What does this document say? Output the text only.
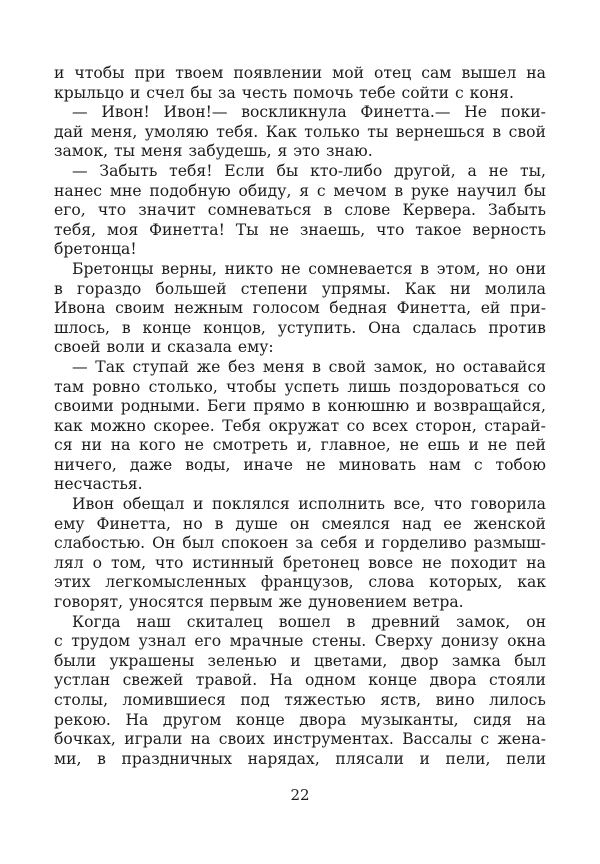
и чтобы при твоем появлении мой отец сам вышел на
крыльцо и счел бы за честь помочь тебе сойти с коня.
— Ивон! Ивон!— воскликнула Финетта.— Не поки-
дай меня, умоляю тебя. Как только ты вернешься в свой
замок, ты меня забудешь, я это знаю.
— Забыть тебя! Если бы кто-либо другой, а не ты,
нанес мне подобную обиду, я с мечом в руке научил бы
его, что значит сомневаться в слове Кервера. Забыть
тебя, моя Финетта! Ты не знаешь, что такое верность
бретонца!
Бретонцы верны, никто не сомневается в этом, но они
в гораздо большей степени упрямы. Как ни молила
Ивона своим нежным голосом бедная Финетта, ей при-
шлось, в конце концов, уступить. Она сдалась против
своей воли и сказала ему:
— Так ступай же без меня в свой замок, но оставайся
там ровно столько, чтобы успеть лишь поздороваться со
своими родными. Беги прямо в конюшню и возвращайся,
как можно скорее. Тебя окружат со всех сторон, старай-
ся ни на кого не смотреть и, главное, не ешь и не пей
ничего, даже воды, иначе не миновать нам с тобою
несчастья.
Ивон обещал и поклялся исполнить все, что говорила
ему Финетта, но в душе он смеялся над ее женской
слабостью. Он был спокоен за себя и горделиво размыш-
лял о том, что истинный бретонец вовсе не походит на
этих легкомысленных французов, слова которых, как
говорят, уносятся первым же дуновением ветра.
Когда наш скиталец вошел в древний замок, он
с трудом узнал его мрачные стены. Сверху донизу окна
были украшены зеленью и цветами, двор замка был
устлан свежей травой. На одном конце двора стояли
столы, ломившиеся под тяжестью яств, вино лилось
рекою. На другом конце двора музыканты, сидя на
бочках, играли на своих инструментах. Вассалы с жена-
ми, в праздничных нарядах, плясали и пели, пели
22
